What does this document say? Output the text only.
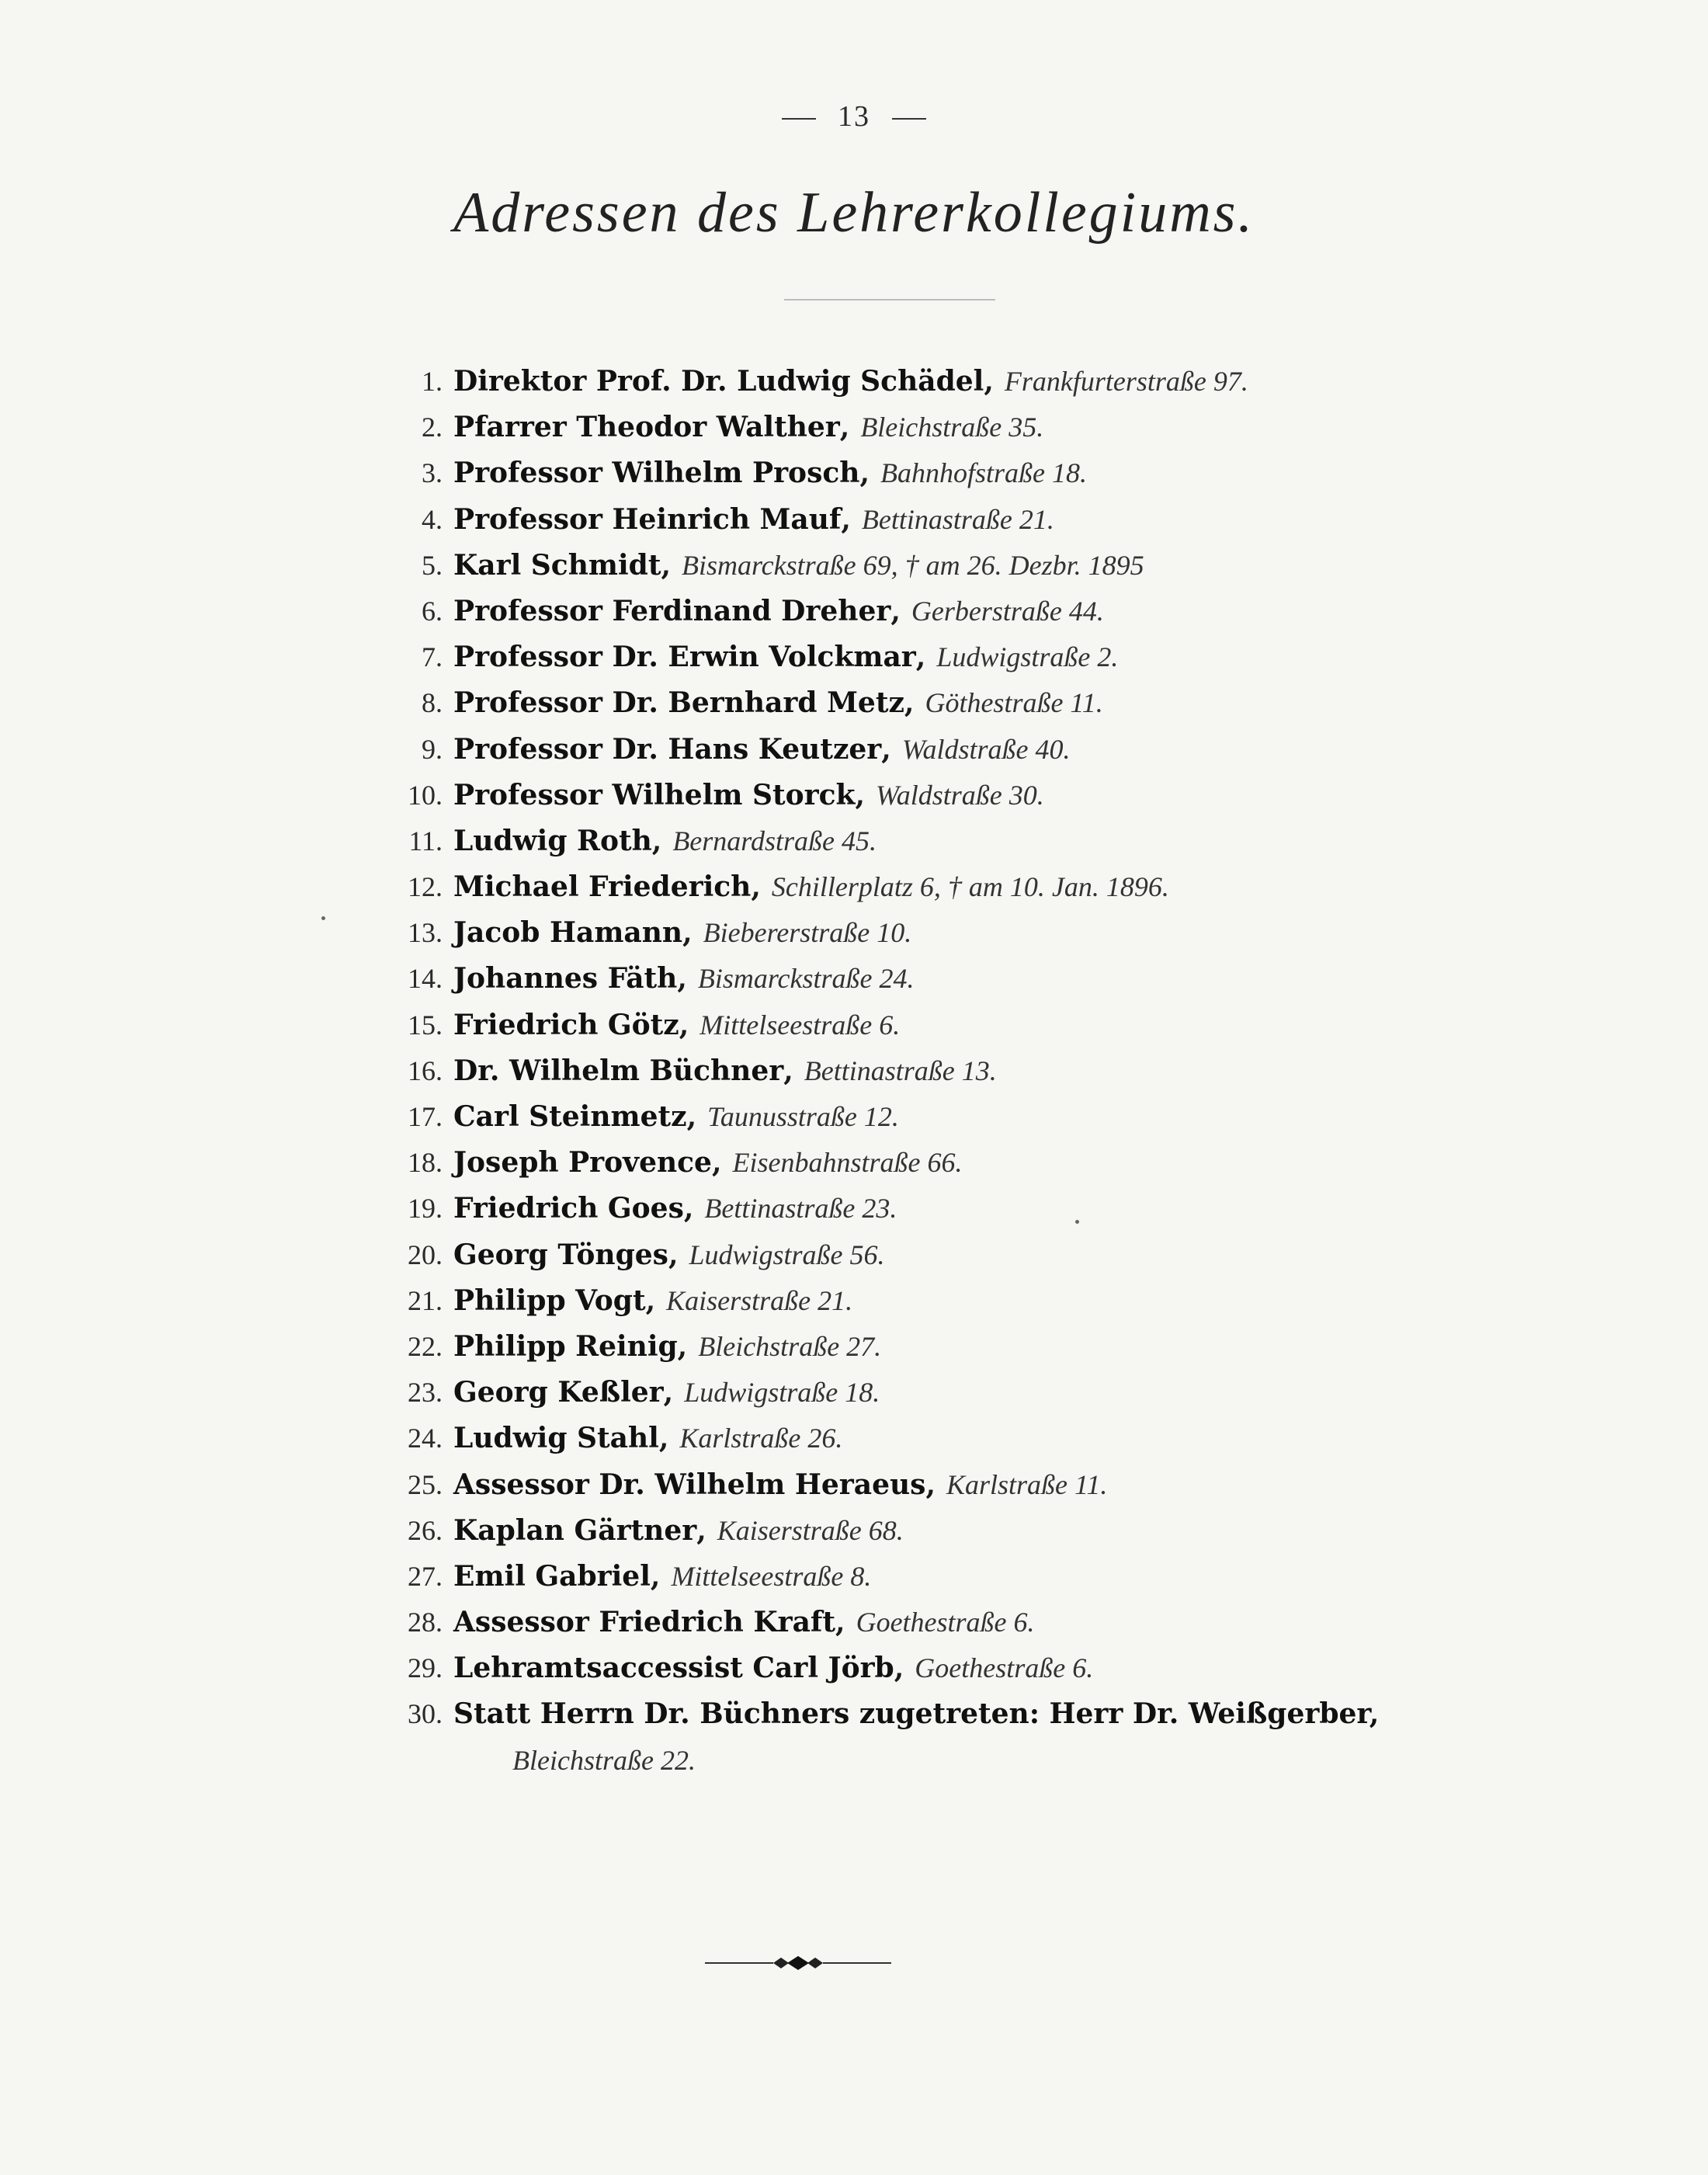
13
Adressen des Lehrerkollegiums.
1. Direktor Prof. Dr. Ludwig Schädel, Frankfurterstraße 97.
2. Pfarrer Theodor Walther, Bleichstraße 35.
3. Professor Wilhelm Prosch, Bahnhofstraße 18.
4. Professor Heinrich Mauf, Bettinastraße 21.
5. Karl Schmidt, Bismarckstraße 69, † am 26. Dezbr. 1895
6. Professor Ferdinand Dreher, Gerberstraße 44.
7. Professor Dr. Erwin Volckmar, Ludwigstraße 2.
8. Professor Dr. Bernhard Metz, Göthestraße 11.
9. Professor Dr. Hans Keutzer, Waldstraße 40.
10. Professor Wilhelm Storck, Waldstraße 30.
11. Ludwig Roth, Bernardstraße 45.
12. Michael Friederich, Schillerplatz 6, † am 10. Jan. 1896.
13. Jacob Hamann, Biebererstraße 10.
14. Johannes Fäth, Bismarckstraße 24.
15. Friedrich Götz, Mittelseestraße 6.
16. Dr. Wilhelm Büchner, Bettinastraße 13.
17. Carl Steinmetz, Taunusstraße 12.
18. Joseph Provence, Eisenbahnstraße 66.
19. Friedrich Goes, Bettinastraße 23.
20. Georg Tönges, Ludwigstraße 56.
21. Philipp Vogt, Kaiserstraße 21.
22. Philipp Reinig, Bleichstraße 27.
23. Georg Keßler, Ludwigstraße 18.
24. Ludwig Stahl, Karlstraße 26.
25. Assessor Dr. Wilhelm Heraeus, Karlstraße 11.
26. Kaplan Gärtner, Kaiserstraße 68.
27. Emil Gabriel, Mittelseestraße 8.
28. Assessor Friedrich Kraft, Goethestraße 6.
29. Lehramtsaccessist Carl Jörb, Goethestraße 6.
30. Statt Herrn Dr. Büchners zugetreten: Herr Dr. Weißgerber,
Bleichstraße 22.
